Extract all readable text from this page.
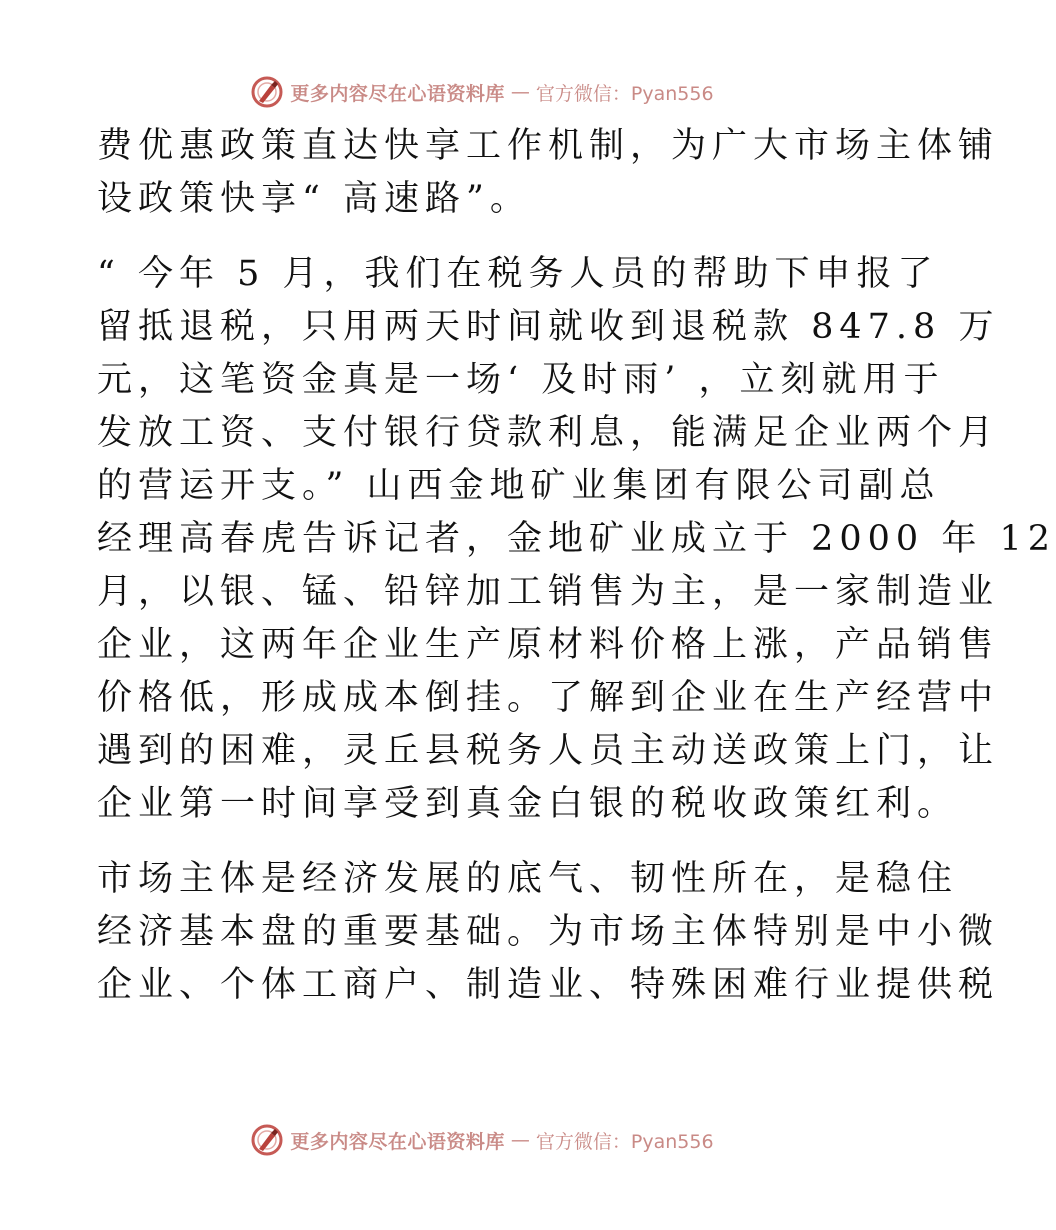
更多内容尽在心语资料库 — 官方微信：Pyan556
费优惠政策直达快享工作机制，为广大市场主体铺
设政策快享“ 高速路”。
“ 今年 5 月，我们在税务人员的帮助下申报了
留抵退税，只用两天时间就收到退税款 847.8 万
元，这笔资金真是一场‘ 及时雨’ ，立刻就用于
发放工资、支付银行贷款利息，能满足企业两个月
的营运开支。” 山西金地矿业集团有限公司副总
经理高春虎告诉记者，金地矿业成立于 2000 年 12
月，以银、锰、铅锌加工销售为主，是一家制造业
企业，这两年企业生产原材料价格上涨，产品销售
价格低，形成成本倒挂。了解到企业在生产经营中
遇到的困难，灵丘县税务人员主动送政策上门，让
企业第一时间享受到真金白银的税收政策红利。
市场主体是经济发展的底气、韧性所在，是稳住
经济基本盘的重要基础。为市场主体特别是中小微
企业、个体工商户、制造业、特殊困难行业提供税
更多内容尽在心语资料库 — 官方微信：Pyan556
